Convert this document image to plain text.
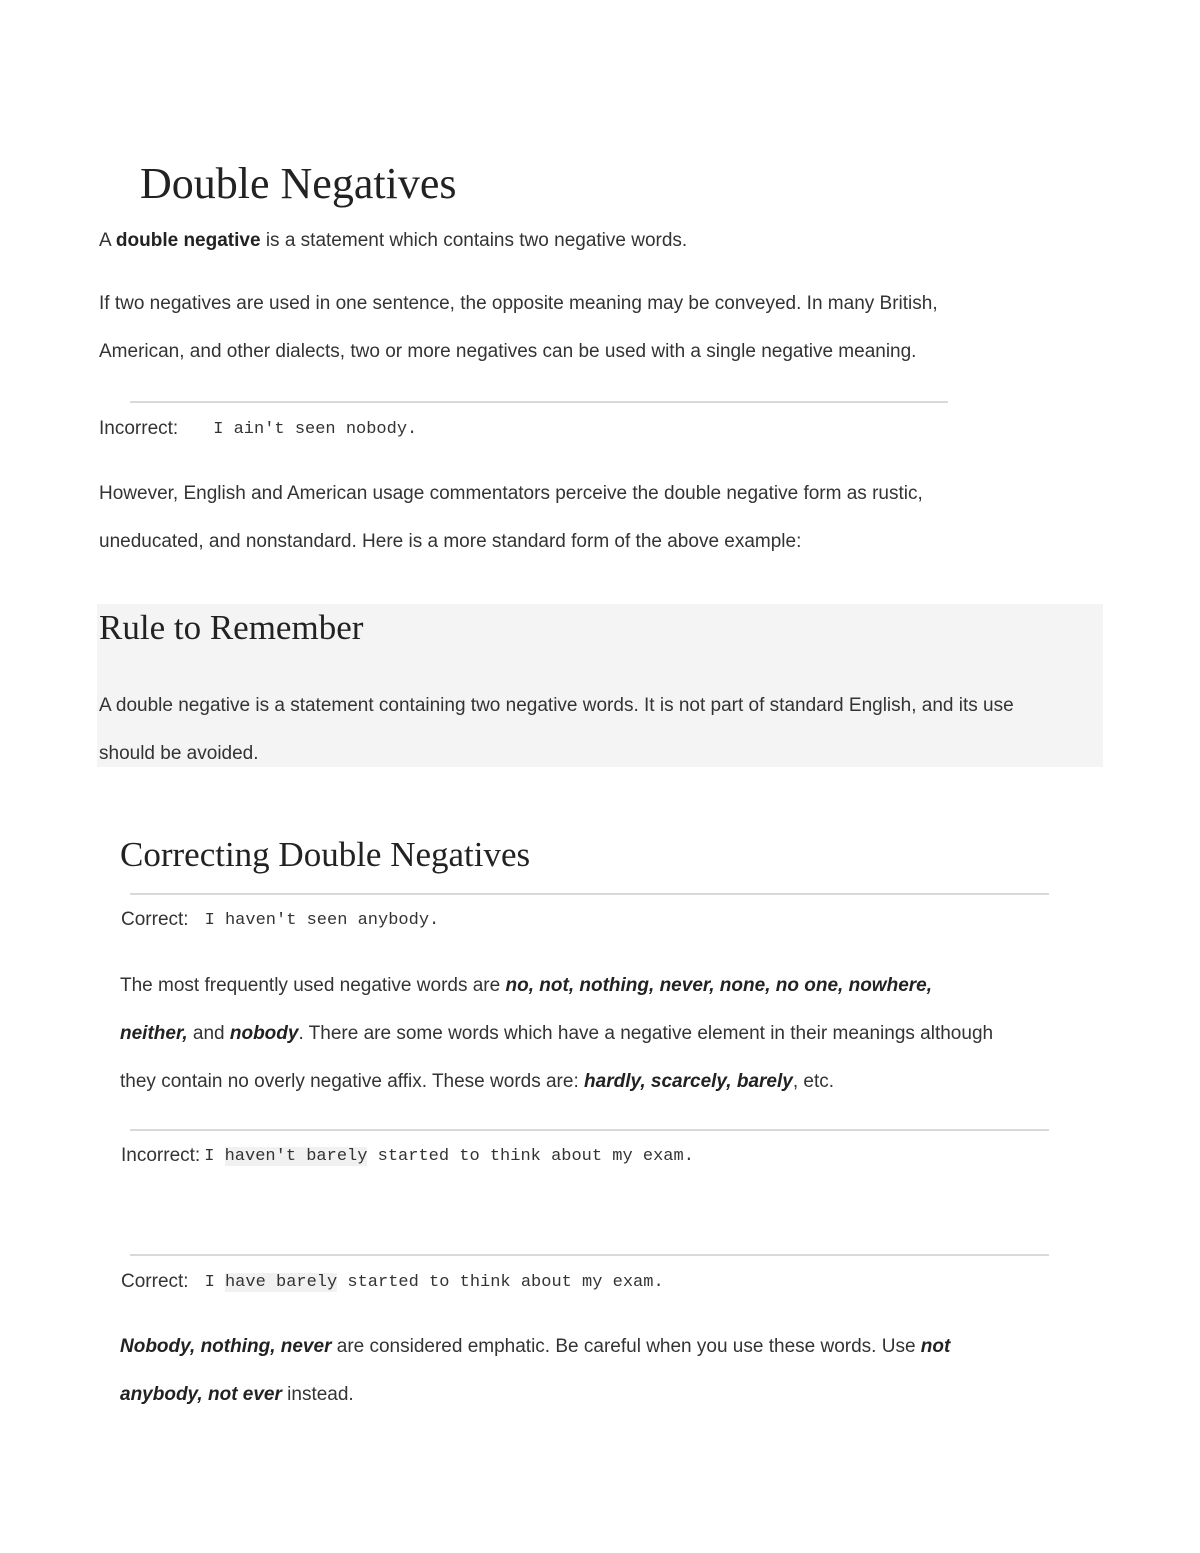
Double Negatives

A double negative is a statement which contains two negative words.

If two negatives are used in one sentence, the opposite meaning may be conveyed. In many British,
American, and other dialects, two or more negatives can be used with a single negative meaning.
Incorrect: I ain't seen nobody.
However, English and American usage commentators perceive the double negative form as rustic,
uneducated, and nonstandard. Here is a more standard form of the above example:
Rule to Remember
A double negative is a statement containing two negative words. It is not part of standard English, and its use
should be avoided.
Correcting Double Negatives
Correct: I haven't seen anybody.
The most frequently used negative words are no, not, nothing, never, none, no one, nowhere,
neither, and nobody. There are some words which have a negative element in their meanings although
they contain no overly negative affix. These words are: hardly, scarcely, barely, etc.
Incorrect: I haven't barely started to think about my exam.
Correct: I have barely started to think about my exam.
Nobody, nothing, never are considered emphatic. Be careful when you use these words. Use not
anybody, not ever instead.
